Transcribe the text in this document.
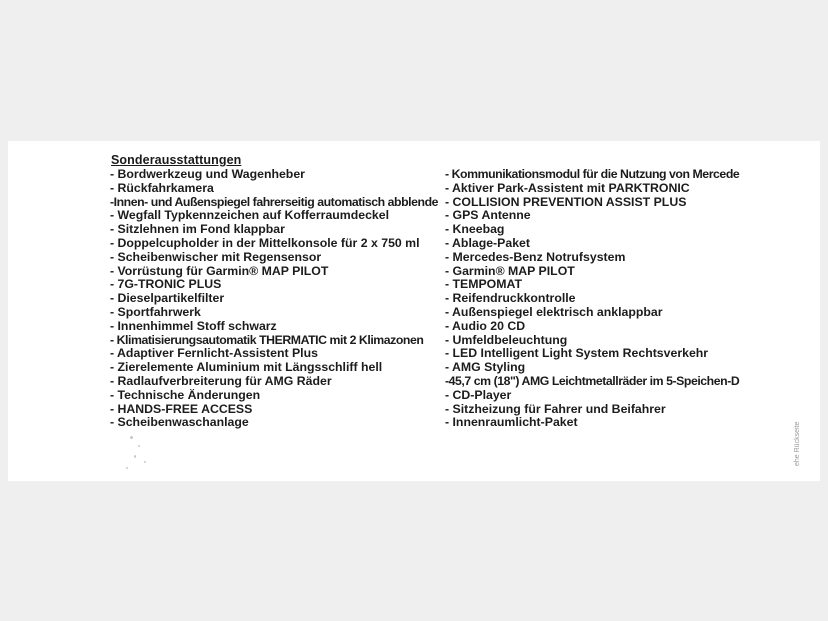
Sonderausstattungen
- Bordwerkzeug und Wagenheber
- Rückfahrkamera
-Innen- und Außenspiegel fahrerseitig automatisch abblende
- Wegfall Typkennzeichen auf Kofferraumdeckel
- Sitzlehnen im Fond klappbar
- Doppelcupholder in der Mittelkonsole für 2 x 750 ml
- Scheibenwischer mit Regensensor
- Vorrüstung für Garmin® MAP PILOT
- 7G-TRONIC PLUS
- Dieselpartikelfilter
- Sportfahrwerk
- Innenhimmel Stoff schwarz
- Klimatisierungsautomatik THERMATIC mit 2 Klimazonen
- Adaptiver Fernlicht-Assistent Plus
- Zierelemente Aluminium mit Längsschliff hell
- Radlaufverbreiterung für AMG Räder
- Technische Änderungen
- HANDS-FREE ACCESS
- Scheibenwaschanlage
- Kommunikationsmodul für die Nutzung von Mercede
- Aktiver Park-Assistent mit PARKTRONIC
- COLLISION PREVENTION ASSIST PLUS
- GPS Antenne
- Kneebag
- Ablage-Paket
- Mercedes-Benz Notrufsystem
- Garmin® MAP PILOT
- TEMPOMAT
- Reifendruckkontrolle
- Außenspiegel elektrisch anklappbar
- Audio 20 CD
- Umfeldbeleuchtung
- LED Intelligent Light System Rechtsverkehr
- AMG Styling
-45,7 cm (18") AMG Leichtmetallräder im 5-Speichen-D
- CD-Player
- Sitzheizung für Fahrer und Beifahrer
- Innenraumlicht-Paket	ehe Rückseite
